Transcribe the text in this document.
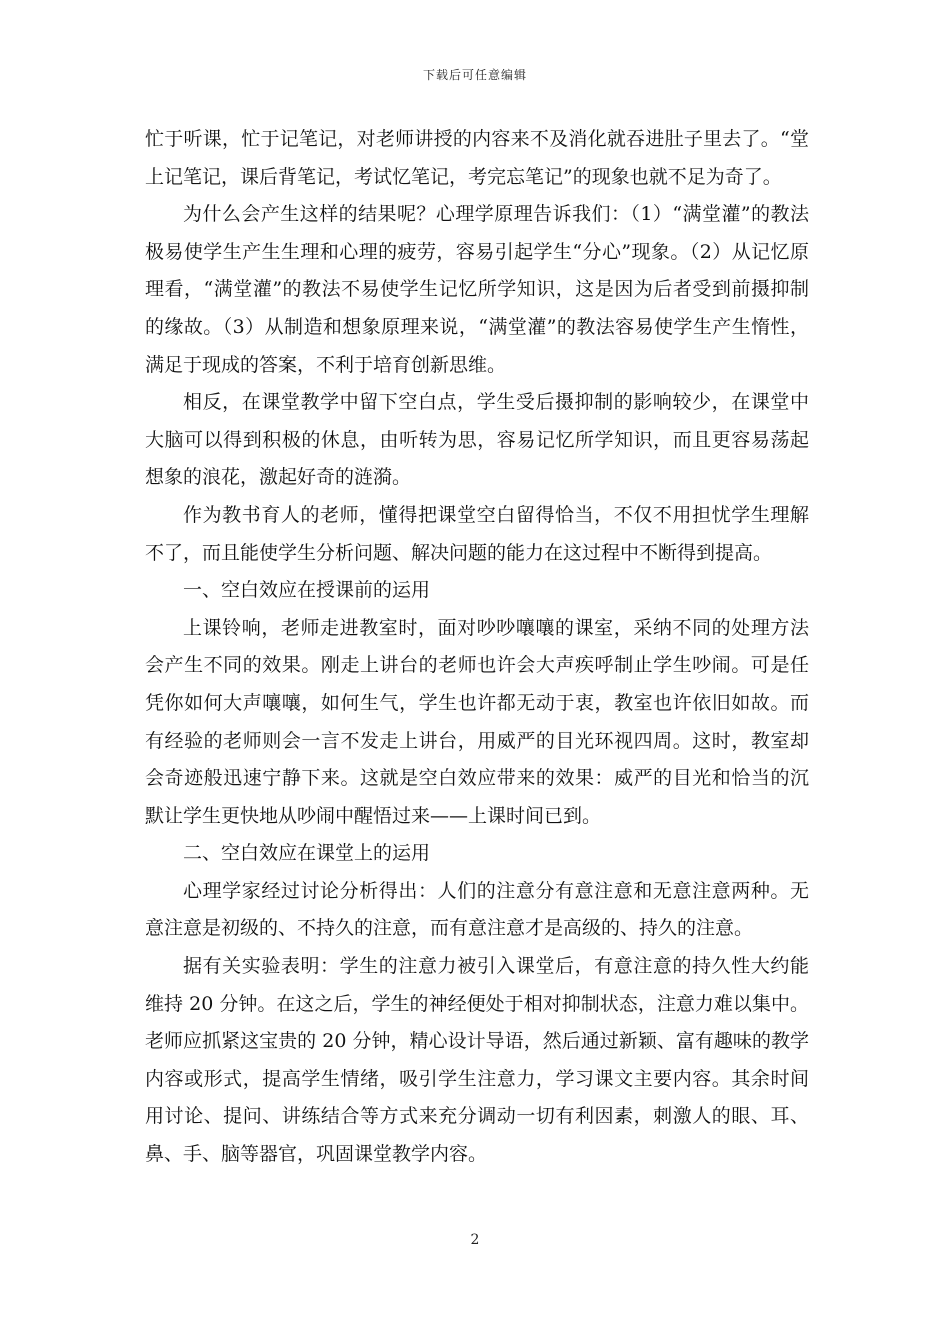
下载后可任意编辑

忙于听课，忙于记笔记，对老师讲授的内容来不及消化就吞进肚子里去了。“堂上记笔记，课后背笔记，考试忆笔记，考完忘笔记”的现象也就不足为奇了。

为什么会产生这样的结果呢？心理学原理告诉我们：（1）“满堂灌”的教法极易使学生产生生理和心理的疲劳，容易引起学生“分心”现象。（2）从记忆原理看，“满堂灌”的教法不易使学生记忆所学知识，这是因为后者受到前摄抑制的缘故。（3）从制造和想象原理来说，“满堂灌”的教法容易使学生产生惰性，满足于现成的答案，不利于培育创新思维。

相反，在课堂教学中留下空白点，学生受后摄抑制的影响较少，在课堂中大脑可以得到积极的休息，由听转为思，容易记忆所学知识，而且更容易荡起想象的浪花，激起好奇的涟漪。

作为教书育人的老师，懂得把课堂空白留得恰当，不仅不用担忧学生理解不了，而且能使学生分析问题、解决问题的能力在这过程中不断得到提高。

一、空白效应在授课前的运用

上课铃响，老师走进教室时，面对吵吵嚷嚷的课室，采纳不同的处理方法会产生不同的效果。刚走上讲台的老师也许会大声疾呼制止学生吵闹。可是任凭你如何大声嚷嚷，如何生气，学生也许都无动于衷，教室也许依旧如故。而有经验的老师则会一言不发走上讲台，用威严的目光环视四周。这时，教室却会奇迹般迅速宁静下来。这就是空白效应带来的效果：威严的目光和恰当的沉默让学生更快地从吵闹中醒悟过来——上课时间已到。

二、空白效应在课堂上的运用

心理学家经过讨论分析得出：人们的注意分有意注意和无意注意两种。无意注意是初级的、不持久的注意，而有意注意才是高级的、持久的注意。

据有关实验表明：学生的注意力被引入课堂后，有意注意的持久性大约能维持 20 分钟。在这之后，学生的神经便处于相对抑制状态，注意力难以集中。老师应抓紧这宝贵的 20 分钟，精心设计导语，然后通过新颖、富有趣味的教学内容或形式，提高学生情绪，吸引学生注意力，学习课文主要内容。其余时间用讨论、提问、讲练结合等方式来充分调动一切有利因素，刺激人的眼、耳、鼻、手、脑等器官，巩固课堂教学内容。

2
